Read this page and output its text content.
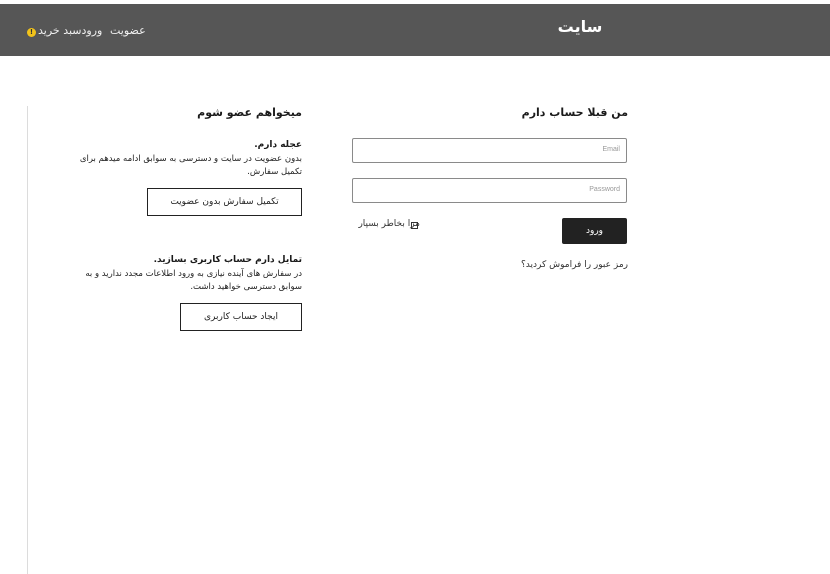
سایت
عضویت
ورودسبد خرید
!
من قبلا حساب دارم
Email
Password
مرا بخاطر بسپار
ورود
رمز عبور را فراموش کردید؟
میخواهم عضو شوم
عجله دارم.
بدون عضویت در سایت و دسترسی به سوابق ادامه میدهم برای تکمیل سفارش.
تکمیل سفارش بدون عضویت
تمایل دارم حساب کاربری بسازید.
در سفارش های آینده نیازی به ورود اطلاعات مجدد ندارید و به سوابق دسترسی خواهید داشت.
ایجاد حساب کاربری
